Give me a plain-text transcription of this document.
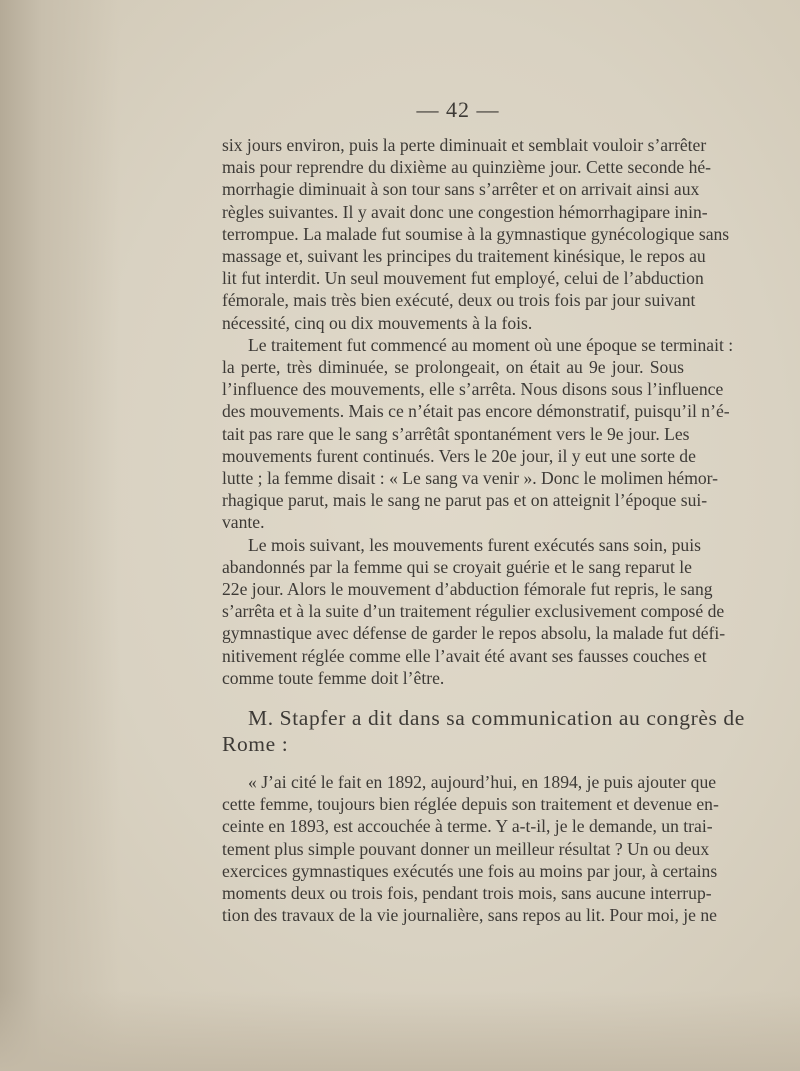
— 42 —

six jours environ, puis la perte diminuait et semblait vouloir s’arrêter
mais pour reprendre du dixième au quinzième jour. Cette seconde hé-
morrhagie diminuait à son tour sans s’arrêter et on arrivait ainsi aux
règles suivantes. Il y avait donc une congestion hémorrhagipare inin-
terrompue. La malade fut soumise à la gymnastique gynécologique sans
massage et, suivant les principes du traitement kinésique, le repos au
lit fut interdit. Un seul mouvement fut employé, celui de l’abduction
fémorale, mais très bien exécuté, deux ou trois fois par jour suivant
nécessité, cinq ou dix mouvements à la fois.

Le traitement fut commencé au moment où une époque se terminait :
la perte, très diminuée, se prolongeait, on était au 9e jour. Sous
l’influence des mouvements, elle s’arrêta. Nous disons sous l’influence
des mouvements. Mais ce n’était pas encore démonstratif, puisqu’il n’é-
tait pas rare que le sang s’arrêtât spontanément vers le 9e jour. Les
mouvements furent continués. Vers le 20e jour, il y eut une sorte de
lutte ; la femme disait : « Le sang va venir ». Donc le molimen hémor-
rhagique parut, mais le sang ne parut pas et on atteignit l’époque sui-
vante.

Le mois suivant, les mouvements furent exécutés sans soin, puis
abandonnés par la femme qui se croyait guérie et le sang reparut le
22e jour. Alors le mouvement d’abduction fémorale fut repris, le sang
s’arrêta et à la suite d’un traitement régulier exclusivement composé de
gymnastique avec défense de garder le repos absolu, la malade fut défi-
nitivement réglée comme elle l’avait été avant ses fausses couches et
comme toute femme doit l’être.

M. Stapfer a dit dans sa communication au congrès de
Rome :

« J’ai cité le fait en 1892, aujourd’hui, en 1894, je puis ajouter que
cette femme, toujours bien réglée depuis son traitement et devenue en-
ceinte en 1893, est accouchée à terme. Y a-t-il, je le demande, un trai-
tement plus simple pouvant donner un meilleur résultat ? Un ou deux
exercices gymnastiques exécutés une fois au moins par jour, à certains
moments deux ou trois fois, pendant trois mois, sans aucune interrup-
tion des travaux de la vie journalière, sans repos au lit. Pour moi, je ne
